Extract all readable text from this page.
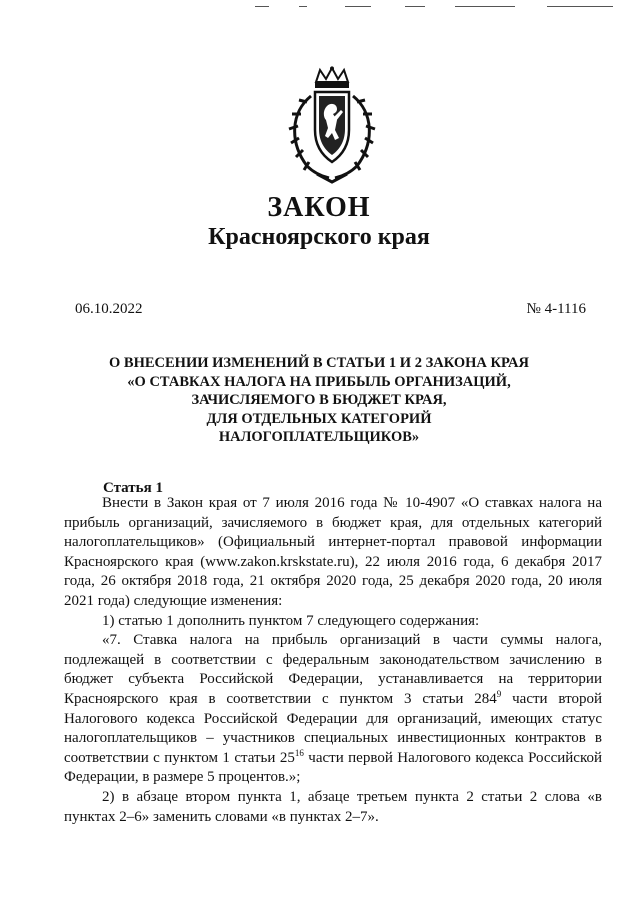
ЗАКОН
Красноярского края
06.10.2022	№ 4-1116
О ВНЕСЕНИИ ИЗМЕНЕНИЙ В СТАТЬИ 1 И 2 ЗАКОНА КРАЯ
«О СТАВКАХ НАЛОГА НА ПРИБЫЛЬ ОРГАНИЗАЦИЙ,
ЗАЧИСЛЯЕМОГО В БЮДЖЕТ КРАЯ,
ДЛЯ ОТДЕЛЬНЫХ КАТЕГОРИЙ
НАЛОГОПЛАТЕЛЬЩИКОВ»
Статья 1

Внести в Закон края от 7 июля 2016 года № 10-4907 «О ставках налога на прибыль организаций, зачисляемого в бюджет края, для отдельных категорий налогоплательщиков» (Официальный интернет-портал правовой информации Красноярского края (www.zakon.krskstate.ru), 22 июля 2016 года, 6 декабря 2017 года, 26 октября 2018 года, 21 октября 2020 года, 25 декабря 2020 года, 20 июля 2021 года) следующие изменения:

1) статью 1 дополнить пунктом 7 следующего содержания:

«7. Ставка налога на прибыль организаций в части суммы налога, подлежащей в соответствии с федеральным законодательством зачислению в бюджет субъекта Российской Федерации, устанавливается на территории Красноярского края в соответствии с пунктом 3 статьи $284^9$ части второй Налогового кодекса Российской Федерации для организаций, имеющих статус налогоплательщиков – участников специальных инвестиционных контрактов в соответствии с пунктом 1 статьи $25^{16}$ части первой Налогового кодекса Российской Федерации, в размере 5 процентов.»;

2) в абзаце втором пункта 1, абзаце третьем пункта 2 статьи 2 слова «в пунктах 2–6» заменить словами «в пунктах 2–7».
